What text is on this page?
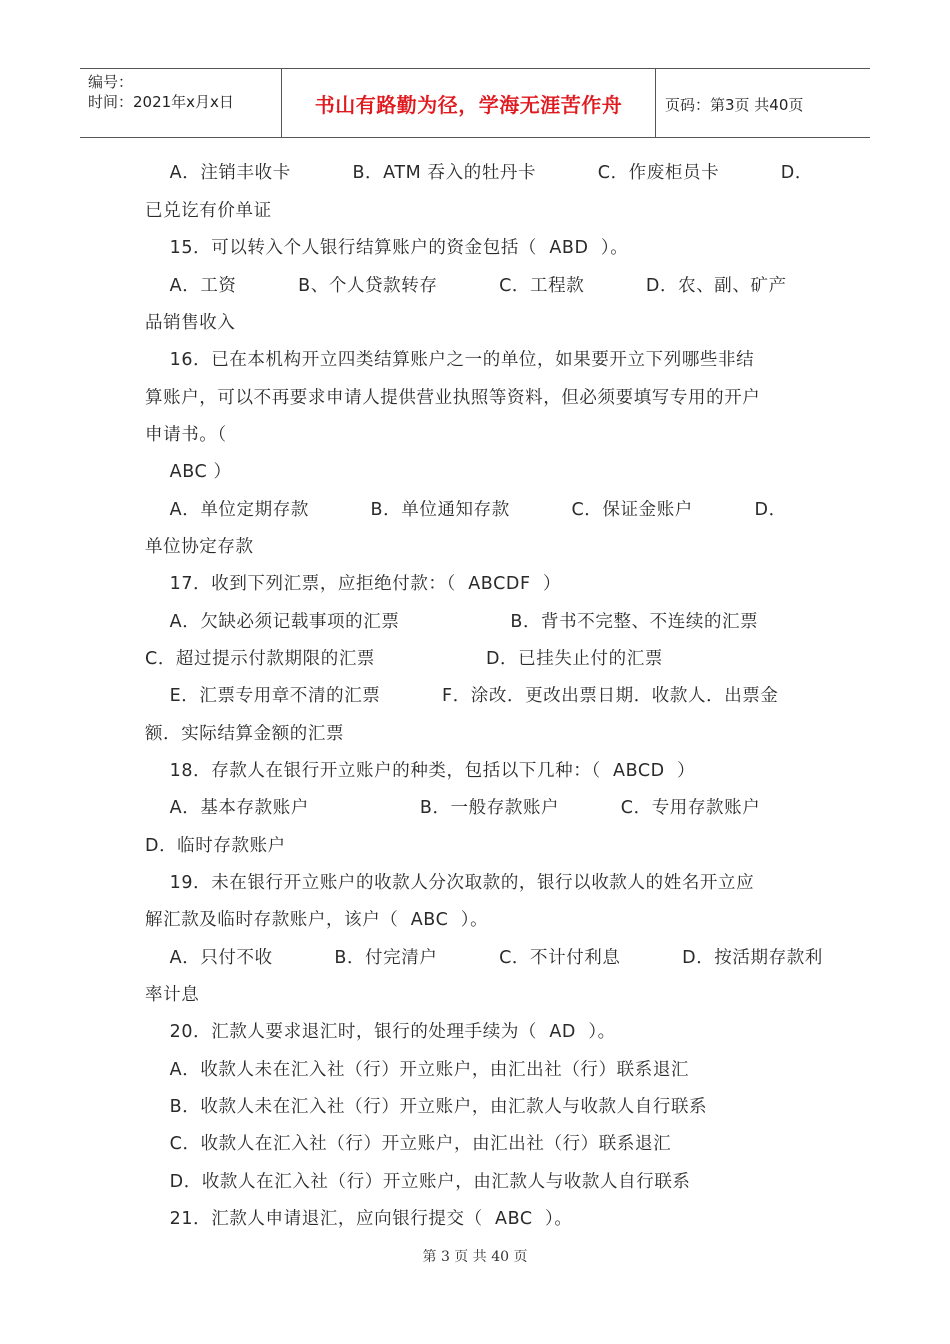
编号：
时间：2021年x月x日	书山有路勤为径，学海无涯苦作舟	页码：第3页 共40页
A．注销丰收卡          B．ATM 吞入的牡丹卡          C．作废柜员卡          D．
已兑讫有价单证
15．可以转入个人银行结算账户的资金包括（  ABD  ）。
A．工资          B、个人贷款转存          C．工程款          D．农、副、矿产
品销售收入
16．已在本机构开立四类结算账户之一的单位，如果要开立下列哪些非结
算账户，可以不再要求申请人提供营业执照等资料，但必须要填写专用的开户
申请书。（
ABC ）
A．单位定期存款          B．单位通知存款          C．保证金账户          D．
单位协定存款
17．收到下列汇票，应拒绝付款：（  ABCDF  ）
A．欠缺必须记载事项的汇票                  B．背书不完整、不连续的汇票
C．超过提示付款期限的汇票                  D．已挂失止付的汇票
E．汇票专用章不清的汇票          F．涂改．更改出票日期．收款人．出票金
额．实际结算金额的汇票
18．存款人在银行开立账户的种类，包括以下几种：（  ABCD  ）
A．基本存款账户                  B．一般存款账户          C．专用存款账户
D．临时存款账户
19．未在银行开立账户的收款人分次取款的，银行以收款人的姓名开立应
解汇款及临时存款账户，该户（  ABC  ）。
A．只付不收          B．付完清户          C．不计付利息          D．按活期存款利
率计息
20．汇款人要求退汇时，银行的处理手续为（  AD  ）。
A．收款人未在汇入社（行）开立账户，由汇出社（行）联系退汇
B．收款人未在汇入社（行）开立账户，由汇款人与收款人自行联系
C．收款人在汇入社（行）开立账户，由汇出社（行）联系退汇
D．收款人在汇入社（行）开立账户，由汇款人与收款人自行联系
21．汇款人申请退汇，应向银行提交（  ABC  ）。
第 3 页 共 40 页
